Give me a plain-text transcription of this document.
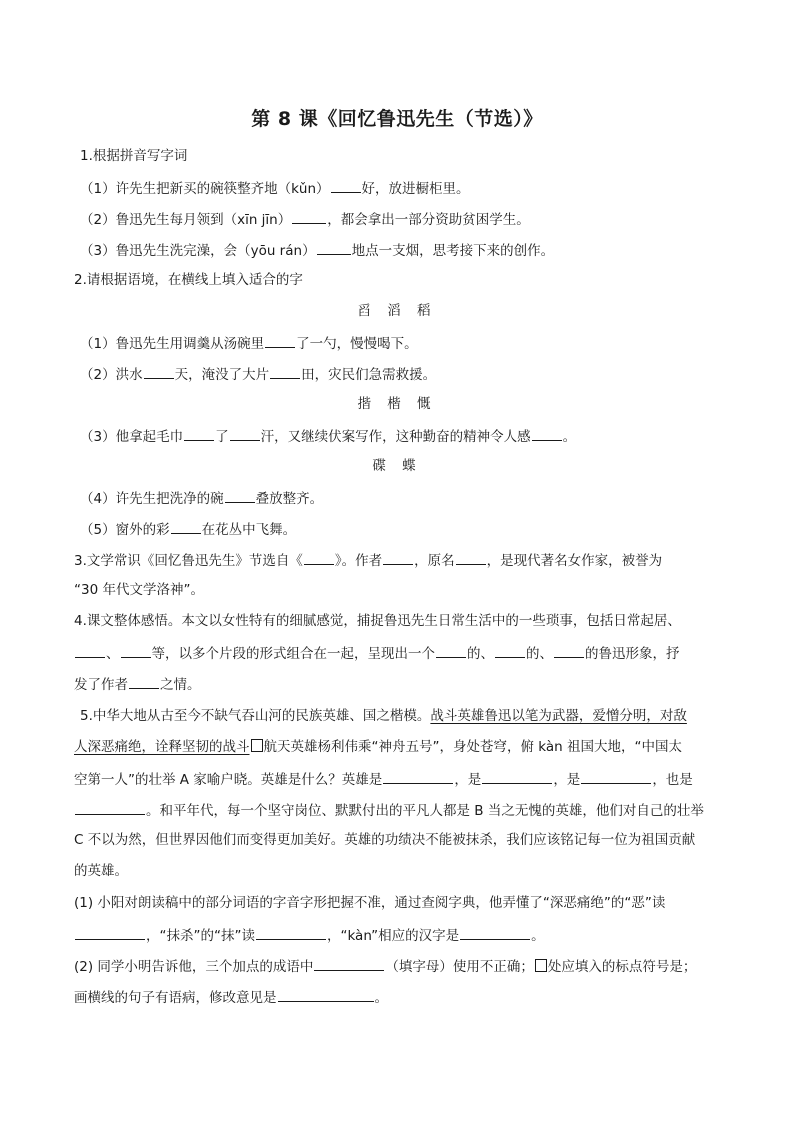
第 8 课《回忆鲁迅先生（节选）》
1.根据拼音写字词
（1）许先生把新买的碗筷整齐地（kǔn） 好，放进橱柜里。
（2）鲁迅先生每月领到（xīn jīn）	，都会拿出一部分资助贫困学生。
（3）鲁迅先生洗完澡，会（yōu rán）	地点一支烟，思考接下来的创作。
2.请根据语境，在横线上填入适合的字
舀 滔 稻
（1）鲁迅先生用调羹从汤碗里 了一勺，慢慢喝下。
（2）洪水 天，淹没了大片 田，灾民们急需救援。
揩 楷 慨
（3）他拿起毛巾 了 汗，又继续伏案写作，这种勤奋的精神令人感 。
碟 蝶
（4）许先生把洗净的碗 叠放整齐。
（5）窗外的彩 在花丛中飞舞。
3.文学常识《回忆鲁迅先生》节选自《 》。作者 ，原名 ，是现代著名女作家，被誉为
“30 年代文学洛神”。
4.课文整体感悟。本文以女性特有的细腻感觉，捕捉鲁迅先生日常生活中的一些琐事，包括日常起居、
、 等，以多个片段的形式组合在一起，呈现出一个 的、 的、 的鲁迅形象，抒
发了作者 之情。
5.中华大地从古至今不缺气吞山河的民族英雄、国之楷模。战斗英雄鲁迅以笔为武器，爱憎分明，对敌
人深恶痛绝，诠释坚韧的战斗 航天英雄杨利伟乘“神舟五号”，身处苍穹，俯 kàn 祖国大地，“中国太
空第一人”的壮举 A 家喻户晓。英雄是什么？英雄是	，是	，是	，也是
。和平年代，每一个坚守岗位、默默付出的平凡人都是 B 当之无愧的英雄，他们对自己的壮举
C 不以为然，但世界因他们而变得更加美好。英雄的功绩决不能被抹杀，我们应该铭记每一位为祖国贡献
的英雄。
(1) 小阳对朗读稿中的部分词语的字音字形把握不准，通过查阅字典，他弄懂了“深恶痛绝”的“恶”读
，“抹杀”的“抹”读	，“kàn”相应的汉字是	。
(2) 同学小明告诉他，三个加点的成语中	（填字母）使用不正确； 处应填入的标点符号是；
画横线的句子有语病，修改意见是	。
